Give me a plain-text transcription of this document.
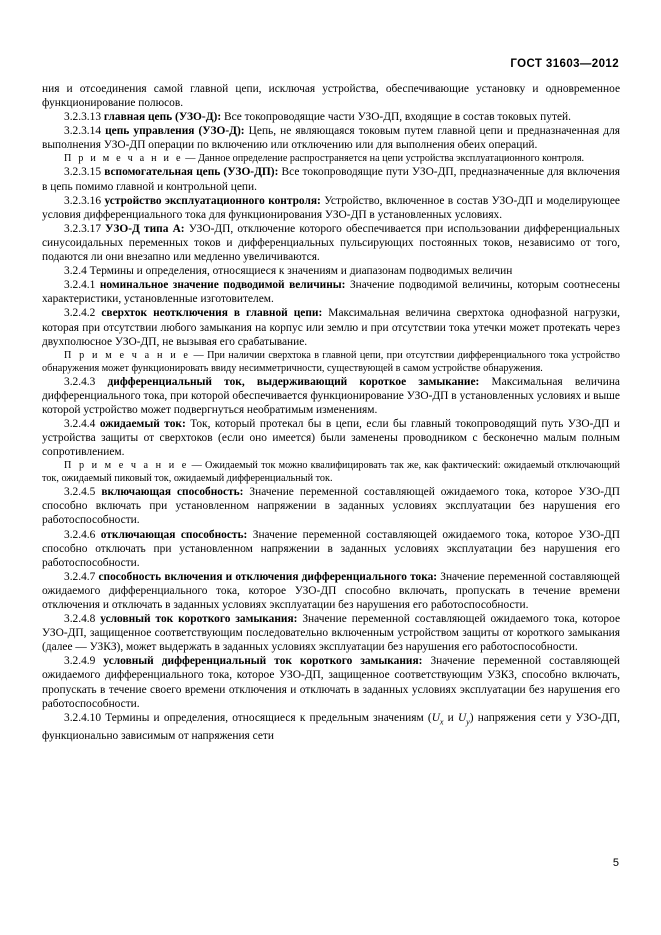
ГОСТ 31603—2012

ния и отсоединения самой главной цепи, исключая устройства, обеспечивающие установку и одновременное функционирование полюсов.

3.2.3.13 главная цепь (УЗО-Д): Все токопроводящие части УЗО-ДП, входящие в состав токовых путей.

3.2.3.14 цепь управления (УЗО-Д): Цепь, не являющаяся токовым путем главной цепи и предназначенная для выполнения УЗО-ДП операции по включению или отключению или для выполнения обеих операций.

П р и м е ч а н и е — Данное определение распространяется на цепи устройства эксплуатационного контроля.

3.2.3.15 вспомогательная цепь (УЗО-ДП): Все токопроводящие пути УЗО-ДП, предназначенные для включения в цепь помимо главной и контрольной цепи.

3.2.3.16 устройство эксплуатационного контроля: Устройство, включенное в состав УЗО-ДП и моделирующее условия дифференциального тока для функционирования УЗО-ДП в установленных условиях.

3.2.3.17 УЗО-Д типа А: УЗО-ДП, отключение которого обеспечивается при использовании дифференциальных синусоидальных переменных токов и дифференциальных пульсирующих постоянных токов, независимо от того, подаются ли они внезапно или медленно увеличиваются.

3.2.4 Термины и определения, относящиеся к значениям и диапазонам подводимых величин

3.2.4.1 номинальное значение подводимой величины: Значение подводимой величины, которым соотнесены характеристики, установленные изготовителем.

3.2.4.2 сверхток неотключения в главной цепи: Максимальная величина сверхтока однофазной нагрузки, которая при отсутствии любого замыкания на корпус или землю и при отсутствии тока утечки может протекать через двухполюсное УЗО-ДП, не вызывая его срабатывание.

П р и м е ч а н и е — При наличии сверхтока в главной цепи, при отсутствии дифференциального тока устройство обнаружения может функционировать ввиду несимметричности, существующей в самом устройстве обнаружения.

3.2.4.3 дифференциальный ток, выдерживающий короткое замыкание: Максимальная величина дифференциального тока, при которой обеспечивается функционирование УЗО-ДП в установленных условиях и выше которой устройство может подвергнуться необратимым изменениям.

3.2.4.4 ожидаемый ток: Ток, который протекал бы в цепи, если бы главный токопроводящий путь УЗО-ДП и устройства защиты от сверхтоков (если оно имеется) были заменены проводником с бесконечно малым полным сопротивлением.

П р и м е ч а н и е — Ожидаемый ток можно квалифицировать так же, как фактический: ожидаемый отключающий ток, ожидаемый пиковый ток, ожидаемый дифференциальный ток.

3.2.4.5 включающая способность: Значение переменной составляющей ожидаемого тока, которое УЗО-ДП способно включать при установленном напряжении в заданных условиях эксплуатации без нарушения его работоспособности.

3.2.4.6 отключающая способность: Значение переменной составляющей ожидаемого тока, которое УЗО-ДП способно отключать при установленном напряжении в заданных условиях эксплуатации без нарушения его работоспособности.

3.2.4.7 способность включения и отключения дифференциального тока: Значение переменной составляющей ожидаемого дифференциального тока, которое УЗО-ДП способно включать, пропускать в течение времени отключения и отключать в заданных условиях эксплуатации без нарушения его работоспособности.

3.2.4.8 условный ток короткого замыкания: Значение переменной составляющей ожидаемого тока, которое УЗО-ДП, защищенное соответствующим последовательно включенным устройством защиты от короткого замыкания (далее — УЗКЗ), может выдержать в заданных условиях эксплуатации без нарушения его работоспособности.

3.2.4.9 условный дифференциальный ток короткого замыкания: Значение переменной составляющей ожидаемого дифференциального тока, которое УЗО-ДП, защищенное соответствующим УЗКЗ, способно включать, пропускать в течение своего времени отключения и отключать в заданных условиях эксплуатации без нарушения его работоспособности.

3.2.4.10 Термины и определения, относящиеся к предельным значениям ($U_x$ и $U_y$) напряжения сети у УЗО-ДП, функционально зависимым от напряжения сети

5
